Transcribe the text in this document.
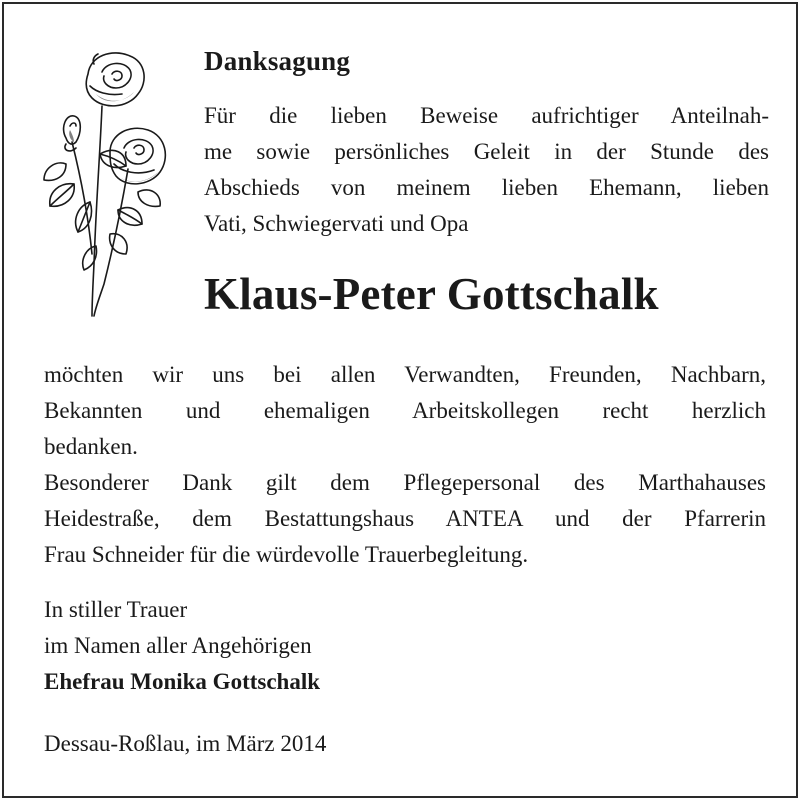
Danksagung
Für die lieben Beweise aufrichtiger Anteilnah-
me sowie persönliches Geleit in der Stunde des
Abschieds von meinem lieben Ehemann, lieben
Vati, Schwiegervati und Opa
Klaus-Peter Gottschalk
möchten wir uns bei allen Verwandten, Freunden, Nachbarn,
Bekannten und ehemaligen Arbeitskollegen recht herzlich
bedanken.
Besonderer Dank gilt dem Pflegepersonal des Marthahauses
Heidestraße, dem Bestattungshaus ANTEA und der Pfarrerin
Frau Schneider für die würdevolle Trauerbegleitung.
In stiller Trauer
im Namen aller Angehörigen
Ehefrau Monika Gottschalk
Dessau-Roßlau, im März 2014
